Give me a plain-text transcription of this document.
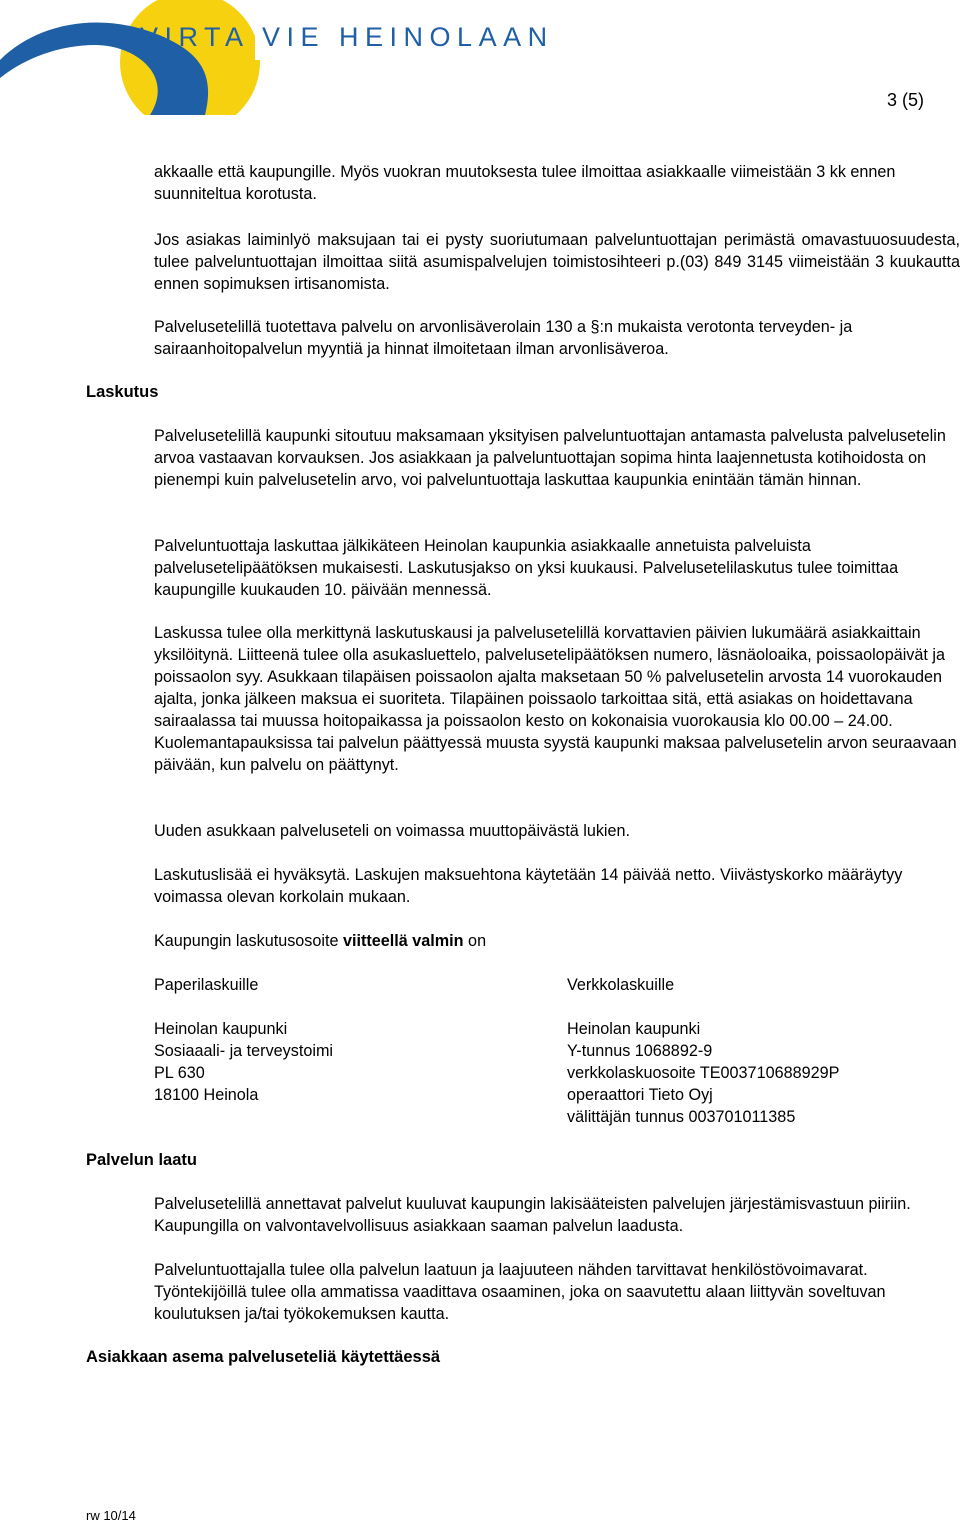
VIRTA VIE HEINOLAAN
3 (5)

akkaalle että kaupungille. Myös vuokran muutoksesta tulee ilmoittaa asiakkaalle viimeistään 3 kk ennen suunniteltua korotusta.

Jos asiakas laiminlyö maksujaan tai ei pysty suoriutumaan palveluntuottajan perimästä omavastuuosuudesta, tulee palveluntuottajan ilmoittaa siitä asumispalvelujen toimistosihteeri p.(03) 849 3145 viimeistään 3 kuukautta ennen sopimuksen irtisanomista.

Palvelusetelillä tuotettava palvelu on arvonlisäverolain 130 a §:n mukaista verotonta terveyden- ja sairaanhoitopalvelun myyntiä ja hinnat ilmoitetaan ilman arvonlisäveroa.

Laskutus

Palvelusetelillä kaupunki sitoutuu maksamaan yksityisen palveluntuottajan antamasta palvelusta palvelusetelin arvoa vastaavan korvauksen. Jos asiakkaan ja palveluntuottajan sopima hinta laajennetusta kotihoidosta on pienempi kuin palvelusetelin arvo, voi palveluntuottaja laskuttaa kaupunkia enintään tämän hinnan.

Palveluntuottaja laskuttaa jälkikäteen Heinolan kaupunkia asiakkaalle annetuista palveluista palvelusetelipäätöksen mukaisesti. Laskutusjakso on yksi kuukausi. Palvelusetelilaskutus tulee toimittaa kaupungille kuukauden 10. päivään mennessä.

Laskussa tulee olla merkittynä laskutuskausi ja palvelusetelillä korvattavien päivien lukumäärä asiakkaittain yksilöitynä. Liitteenä tulee olla asukasluettelo, palvelusetelipäätöksen numero, läsnäoloaika, poissaolopäivät ja poissaolon syy. Asukkaan tilapäisen poissaolon ajalta maksetaan 50 % palvelusetelin arvosta 14 vuorokauden ajalta, jonka jälkeen maksua ei suoriteta. Tilapäinen poissaolo tarkoittaa sitä, että asiakas on hoidettavana sairaalassa tai muussa hoitopaikassa ja poissaolon kesto on kokonaisia vuorokausia klo 00.00 – 24.00. Kuolemantapauksissa tai palvelun päättyessä muusta syystä kaupunki maksaa palvelusetelin arvon seuraavaan päivään, kun palvelu on päättynyt.

Uuden asukkaan palveluseteli on voimassa muuttopäivästä lukien.

Laskutuslisää ei hyväksytä. Laskujen maksuehtona käytetään 14 päivää netto. Viivästyskorko määräytyy voimassa olevan korkolain mukaan.

Kaupungin laskutusosoite viitteellä valmin on

Paperilaskuille
Heinolan kaupunki
Sosiaaali- ja terveystoimi
PL 630
18100 Heinola
Verkkolaskuille
Heinolan kaupunki
Y-tunnus 1068892-9
verkkolaskuosoite TE003710688929P
operaattori Tieto Oyj
välittäjän tunnus 003701011385
Palvelun laatu

Palvelusetelillä annettavat palvelut kuuluvat kaupungin lakisääteisten palvelujen järjestämisvastuun piiriin. Kaupungilla on valvontavelvollisuus asiakkaan saaman palvelun laadusta.

Palveluntuottajalla tulee olla palvelun laatuun ja laajuuteen nähden tarvittavat henkilöstövoimavarat. Työntekijöillä tulee olla ammatissa vaadittava osaaminen, joka on saavutettu alaan liittyvän soveltuvan koulutuksen ja/tai työkokemuksen kautta.

Asiakkaan asema palveluseteliä käytettäessä
rw 10/14
